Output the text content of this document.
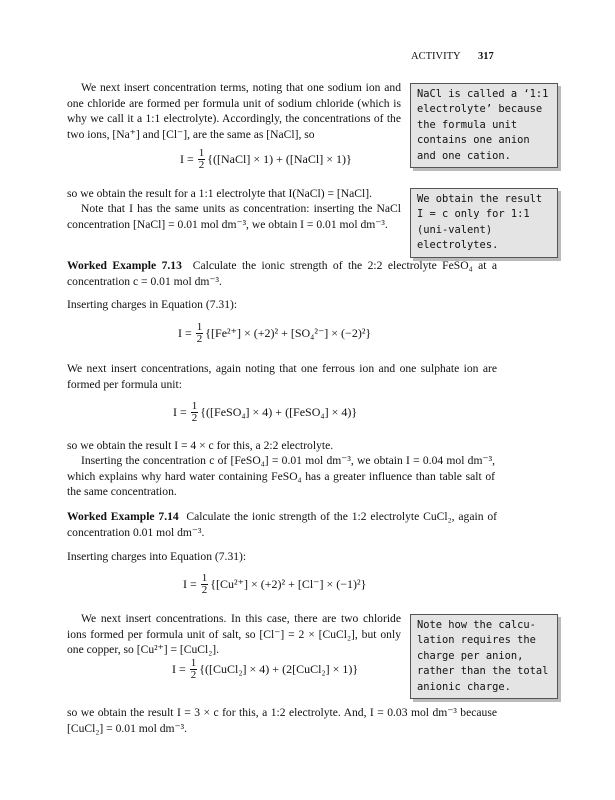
ACTIVITY 317
We next insert concentration terms, noting that one sodium ion and one chloride are formed per formula unit of sodium chloride (which is why we call it a 1:1 electrolyte). Accordingly, the concentrations of the two ions, [Na⁺] and [Cl⁻], are the same as [NaCl], so
$I = \frac{1}{2}$ {([NaCl] × 1) + ([NaCl] × 1)}
so we obtain the result for a 1:1 electrolyte that I(NaCl) = [NaCl].
Note that I has the same units as concentration: inserting the NaCl concentration [NaCl] = 0.01 mol dm⁻³, we obtain I = 0.01 mol dm⁻³.
NaCl is called a ‘1:1 electrolyte’ because the formula unit contains one anion and one cation.
We obtain the result I = c only for 1:1 (uni-valent) electrolytes.
Worked Example 7.13 Calculate the ionic strength of the 2:2 electrolyte FeSO₄ at a concentration c = 0.01 mol dm⁻³.
Inserting charges in Equation (7.31):
$I = \frac{1}{2} \{[Fe^{2+}] \times (+2)^2 + [SO_4^{2-}] \times (-2)^2\}$
We next insert concentrations, again noting that one ferrous ion and one sulphate ion are formed per formula unit:
$I = \frac{1}{2}$ {([FeSO₄] × 4) + ([FeSO₄] × 4)}
so we obtain the result I = 4 × c for this, a 2:2 electrolyte.
Inserting the concentration c of [FeSO₄] = 0.01 mol dm⁻³, we obtain I = 0.04 mol dm⁻³, which explains why hard water containing FeSO₄ has a greater influence than table salt of the same concentration.
Worked Example 7.14 Calculate the ionic strength of the 1:2 electrolyte CuCl₂, again of concentration 0.01 mol dm⁻³.
Inserting charges into Equation (7.31):
$I = \frac{1}{2} \{[Cu^{2+}] \times (+2)^2 + [Cl^-] \times (-1)^2\}$
We next insert concentrations. In this case, there are two chloride ions formed per formula unit of salt, so [Cl⁻] = 2 × [CuCl₂], but only one copper, so [Cu²⁺] = [CuCl₂].
$I = \frac{1}{2}$ {([CuCl₂] × 4) + (2[CuCl₂] × 1)}
Note how the calcu-lation requires the charge per anion, rather than the total anionic charge.
so we obtain the result I = 3 × c for this, a 1:2 electrolyte. And, I = 0.03 mol dm⁻³ because [CuCl₂] = 0.01 mol dm⁻³.
